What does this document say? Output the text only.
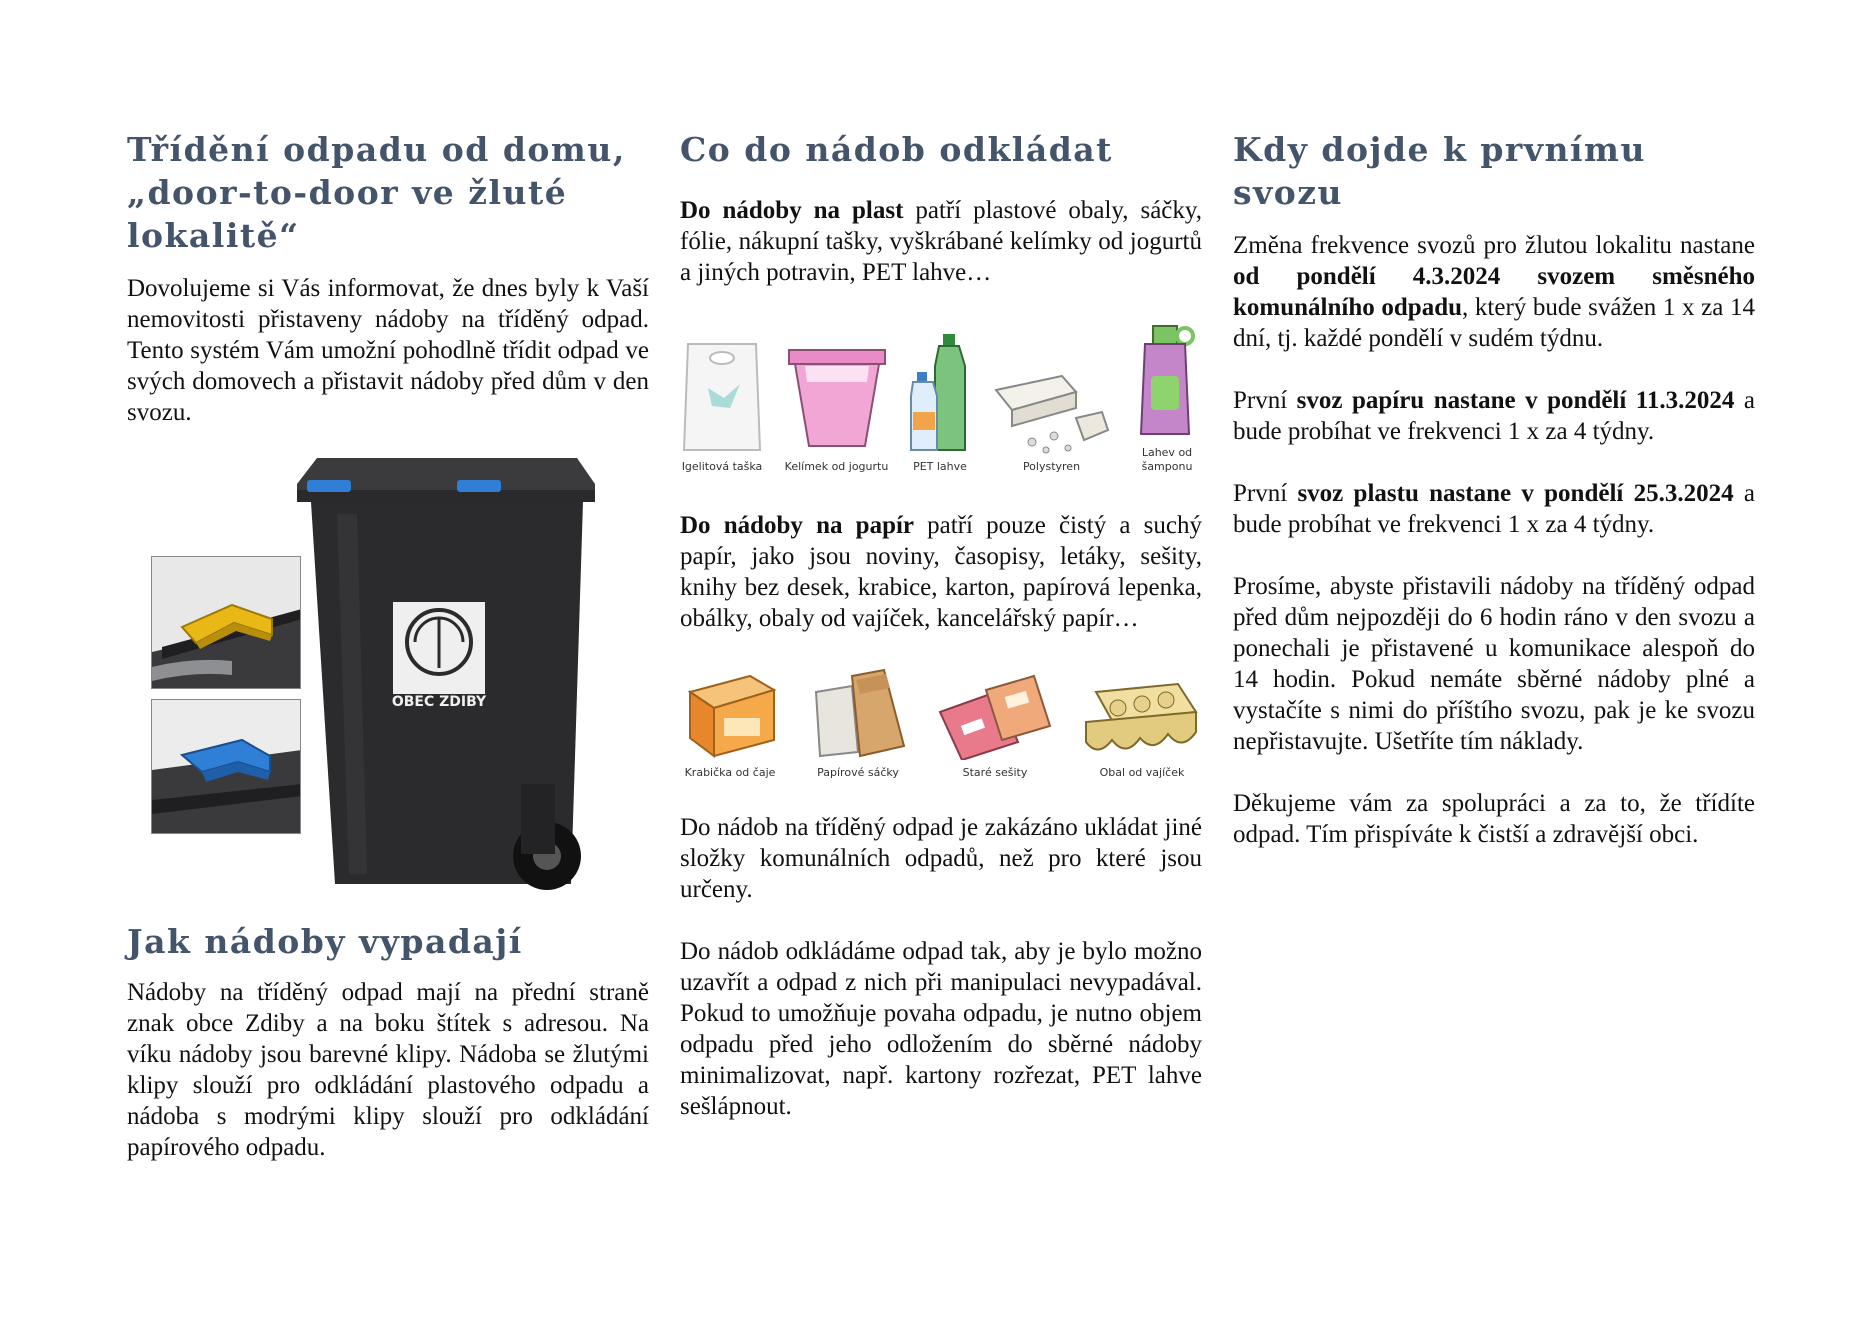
Třídění odpadu od domu, „door-to-door ve žluté lokalitě“

Dovolujeme si Vás informovat, že dnes byly k Vaší nemovitosti přistaveny nádoby na tříděný odpad. Tento systém Vám umožní pohodlně třídit odpad ve svých domovech a přistavit nádoby před dům v den svozu.

OBEC ZDIBY
Jak nádoby vypadají

Nádoby na tříděný odpad mají na přední straně znak obce Zdiby a na boku štítek s adresou. Na víku nádoby jsou barevné klipy. Nádoba se žlutými klipy slouží pro odkládání plastového odpadu a nádoba s modrými klipy slouží pro odkládání papírového odpadu.

Co do nádob odkládat

Do nádoby na plast patří plastové obaly, sáčky, fólie, nákupní tašky, vyškrábané kelímky od jogurtů a jiných potravin, PET lahve…

Igelitová taška Kelímek od jogurtu PET lahve	Polystyren
Lahev od šamponu

Do nádoby na papír patří pouze čistý a suchý papír, jako jsou noviny, časopisy, letáky, sešity, knihy bez desek, krabice, karton, papírová lepenka, obálky, obaly od vajíček, kancelářský papír…

Krabička od čaje	Papírové sáčky	Staré sešity	Obal od vajíček

Do nádob na tříděný odpad je zakázáno ukládat jiné složky komunálních odpadů, než pro které jsou určeny.

Do nádob odkládáme odpad tak, aby je bylo možno uzavřít a odpad z nich při manipulaci nevypadával. Pokud to umožňuje povaha odpadu, je nutno objem odpadu před jeho odložením do sběrné nádoby minimalizovat, např. kartony rozřezat, PET lahve sešlápnout.

Kdy dojde k prvnímu svozu

Změna frekvence svozů pro žlutou lokalitu nastane od pondělí 4.3.2024 svozem směsného komunálního odpadu, který bude svážen 1 x za 14 dní, tj. každé pondělí v sudém týdnu.

První svoz papíru nastane v pondělí 11.3.2024 a bude probíhat ve frekvenci 1 x za 4 týdny.

První svoz plastu nastane v pondělí 25.3.2024 a bude probíhat ve frekvenci 1 x za 4 týdny.

Prosíme, abyste přistavili nádoby na tříděný odpad před dům nejpozději do 6 hodin ráno v den svozu a ponechali je přistavené u komunikace alespoň do 14 hodin. Pokud nemáte sběrné nádoby plné a vystačíte s nimi do příštího svozu, pak je ke svozu nepřistavujte. Ušetříte tím náklady.

Děkujeme vám za spolupráci a za to, že třídíte odpad. Tím přispíváte k čistší a zdravější obci.
